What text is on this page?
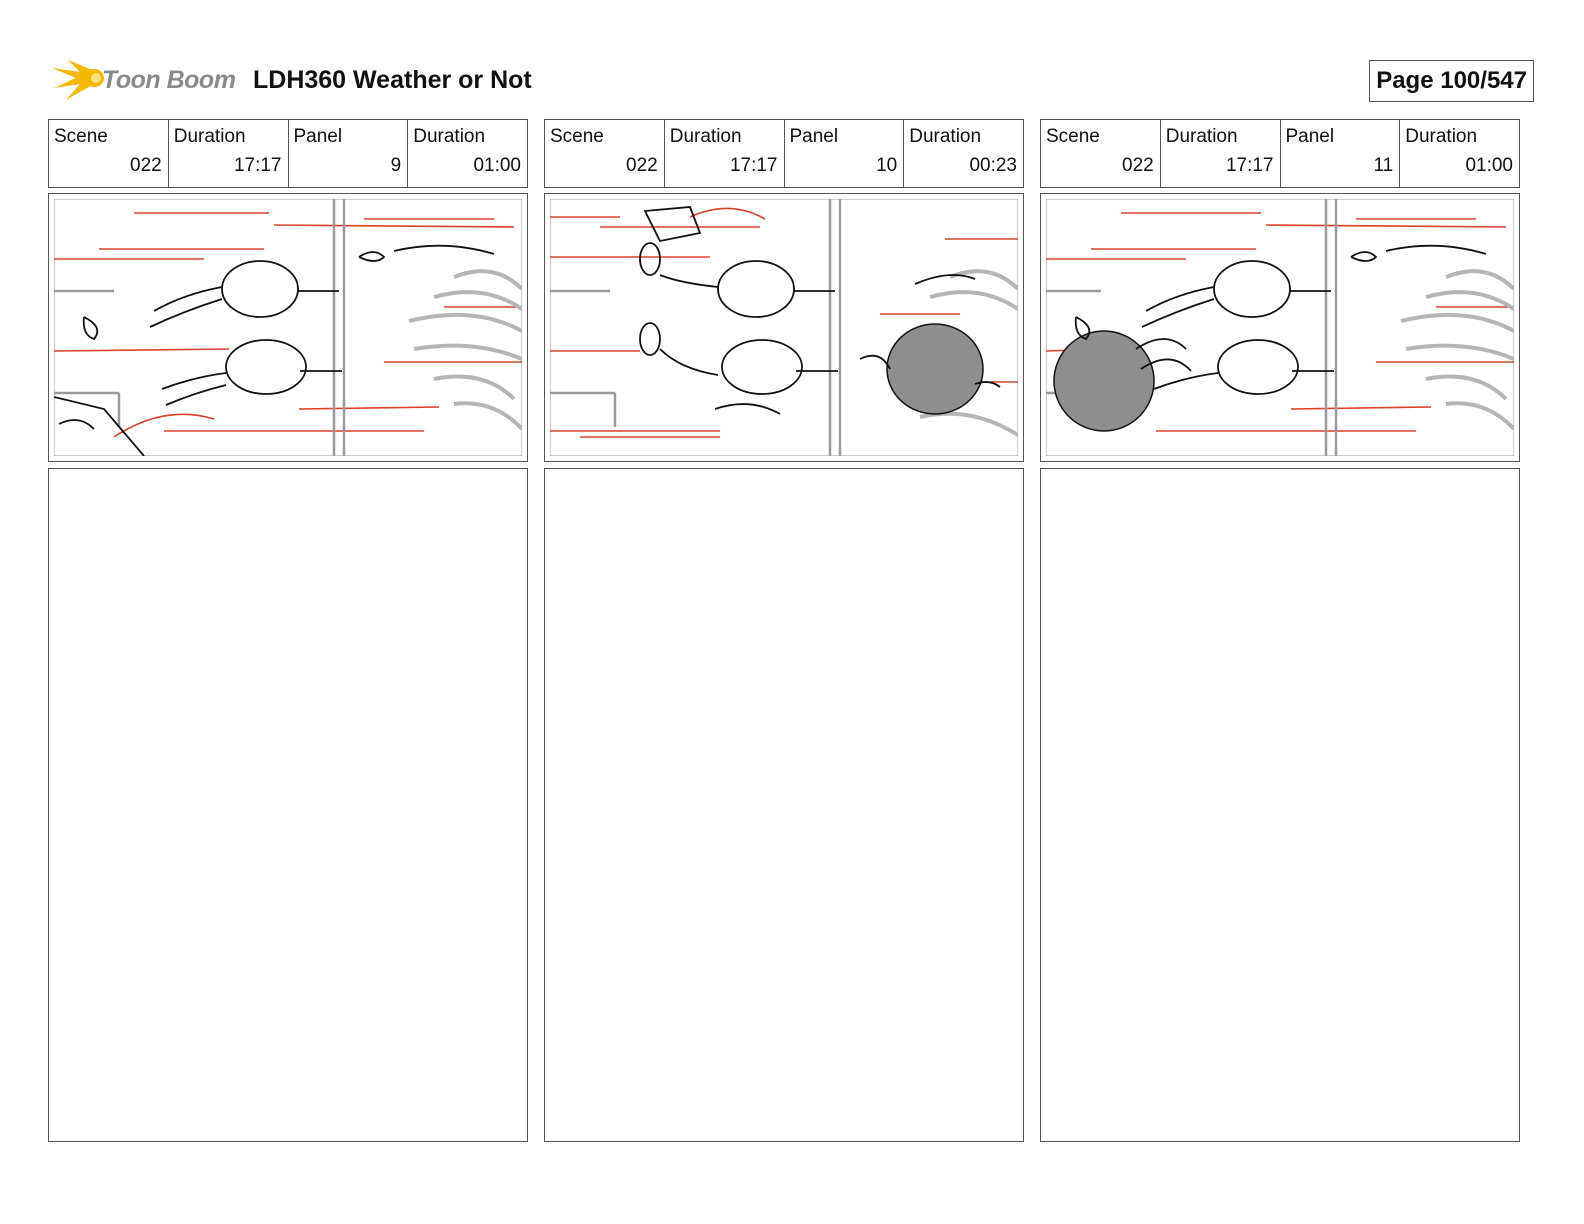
Toon Boom LDH360 Weather or Not	Page 100/547
Scene
022
Duration
17:17
Panel
9
Duration
01:00
Scene
022
Duration
17:17
Panel
10
Duration
00:23
Scene
022
Duration
17:17
Panel
11
Duration
01:00
